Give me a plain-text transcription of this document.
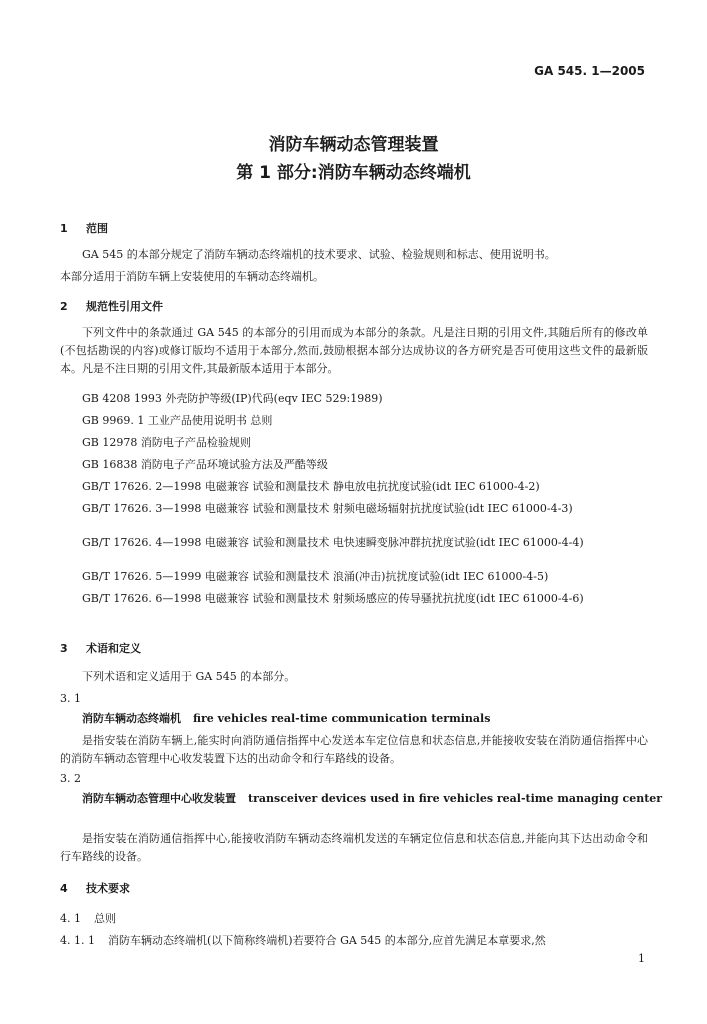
GA 545. 1—2005
消防车辆动态管理装置
第 1 部分:消防车辆动态终端机
1 范围
GA 545 的本部分规定了消防车辆动态终端机的技术要求、试验、检验规则和标志、使用说明书。
本部分适用于消防车辆上安装使用的车辆动态终端机。
2 规范性引用文件
下列文件中的条款通过 GA 545 的本部分的引用而成为本部分的条款。凡是注日期的引用文件,其随后所有的修改单(不包括勘误的内容)或修订版均不适用于本部分,然而,鼓励根据本部分达成协议的各方研究是否可使用这些文件的最新版本。凡是不注日期的引用文件,其最新版本适用于本部分。
GB 4208 1993 外壳防护等级(IP)代码(eqv IEC 529:1989)
GB 9969. 1 工业产品使用说明书 总则
GB 12978 消防电子产品检验规则
GB 16838 消防电子产品环境试验方法及严酷等级
GB/T 17626. 2—1998 电磁兼容 试验和测量技术 静电放电抗扰度试验(idt IEC 61000-4-2)
GB/T 17626. 3—1998 电磁兼容 试验和测量技术 射频电磁场辐射抗扰度试验(idt IEC 61000-4-3)
GB/T 17626. 4—1998 电磁兼容 试验和测量技术 电快速瞬变脉冲群抗扰度试验(idt IEC 61000-4-4)
GB/T 17626. 5—1999 电磁兼容 试验和测量技术 浪涌(冲击)抗扰度试验(idt IEC 61000-4-5)
GB/T 17626. 6—1998 电磁兼容 试验和测量技术 射频场感应的传导骚扰抗扰度(idt IEC 61000-4-6)
3 术语和定义
下列术语和定义适用于 GA 545 的本部分。
3. 1
消防车辆动态终端机 fire vehicles real-time communication terminals
是指安装在消防车辆上,能实时向消防通信指挥中心发送本车定位信息和状态信息,并能接收安装在消防通信指挥中心的消防车辆动态管理中心收发装置下达的出动命令和行车路线的设备。
3. 2
消防车辆动态管理中心收发装置 transceiver devices used in fire vehicles real-time managing center
是指安装在消防通信指挥中心,能接收消防车辆动态终端机发送的车辆定位信息和状态信息,并能向其下达出动命令和行车路线的设备。
4 技术要求
4. 1 总则
4. 1. 1 消防车辆动态终端机(以下简称终端机)若要符合 GA 545 的本部分,应首先满足本章要求,然
1
